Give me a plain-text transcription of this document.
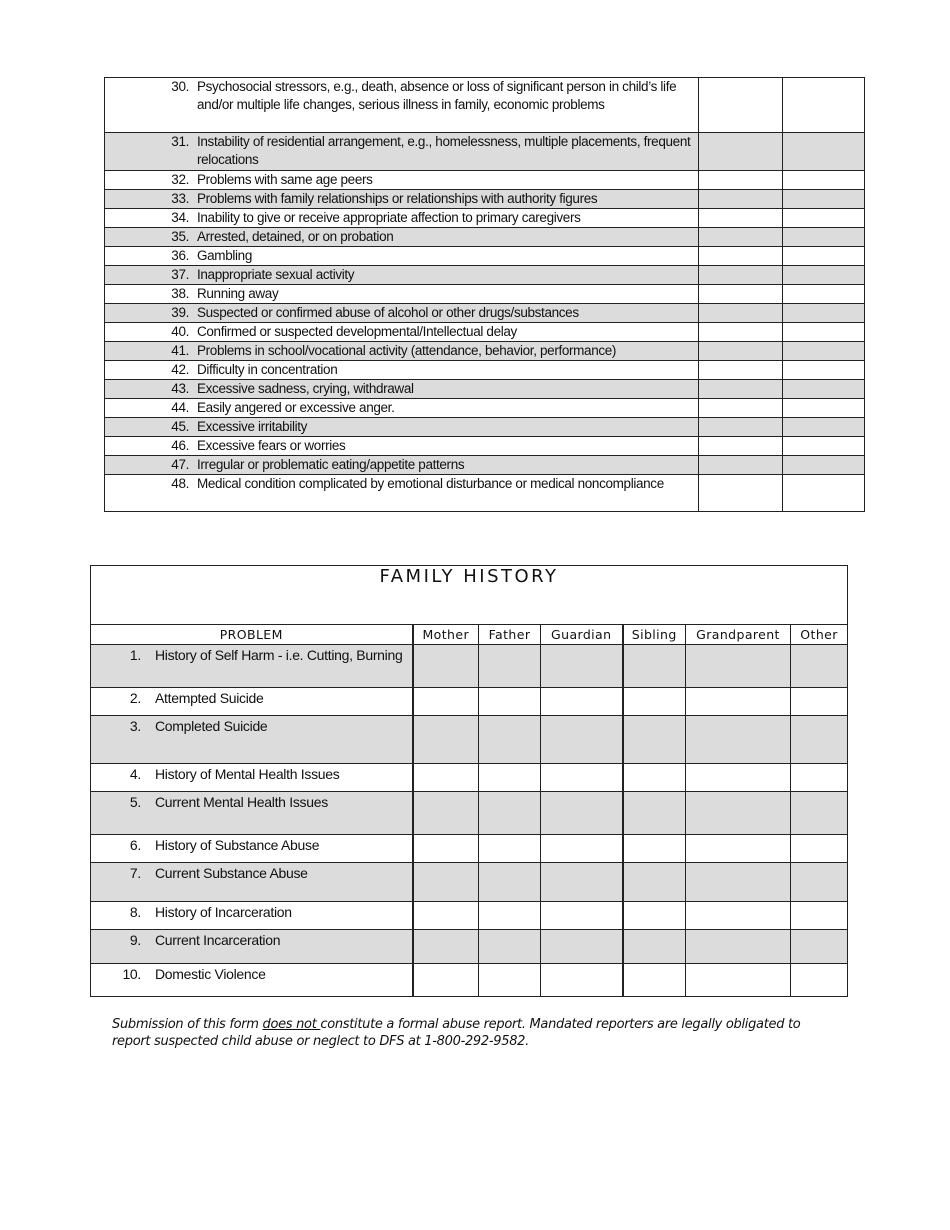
30. Psychosocial stressors, e.g., death, absence or loss of significant person in child’s life and/or multiple life changes, serious illness in family, economic problems		

31. Instability of residential arrangement, e.g., homelessness, multiple placements, frequent relocations		

32. Problems with same age peers		

33. Problems with family relationships or relationships with authority figures		

34. Inability to give or receive appropriate affection to primary caregivers		

35. Arrested, detained, or on probation		

36. Gambling		

37. Inappropriate sexual activity		

38. Running away		

39. Suspected or confirmed abuse of alcohol or other drugs/substances		

40. Confirmed or suspected developmental/Intellectual delay		

41. Problems in school/vocational activity (attendance, behavior, performance)		

42. Difficulty in concentration		

43. Excessive sadness, crying, withdrawal		

44. Easily angered or excessive anger.		

45. Excessive irritability		

46. Excessive fears or worries		

47. Irregular or problematic eating/appetite patterns		

48. Medical condition complicated by emotional disturbance or medical noncompliance		

FAMILY HISTORY						
PROBLEM	Mother	Father	Guardian	Sibling	Grandparent	Other

1. History of Self Harm - i.e. Cutting, Burning						

2. Attempted Suicide						

3. Completed Suicide						

4. History of Mental Health Issues						

5. Current Mental Health Issues						

6. History of Substance Abuse						

7. Current Substance Abuse						

8. History of Incarceration						

9. Current Incarceration						

10. Domestic Violence						

Submission of this form does not constitute a formal abuse report. Mandated reporters are legally obligated to report suspected child abuse or neglect to DFS at 1-800-292-9582.
